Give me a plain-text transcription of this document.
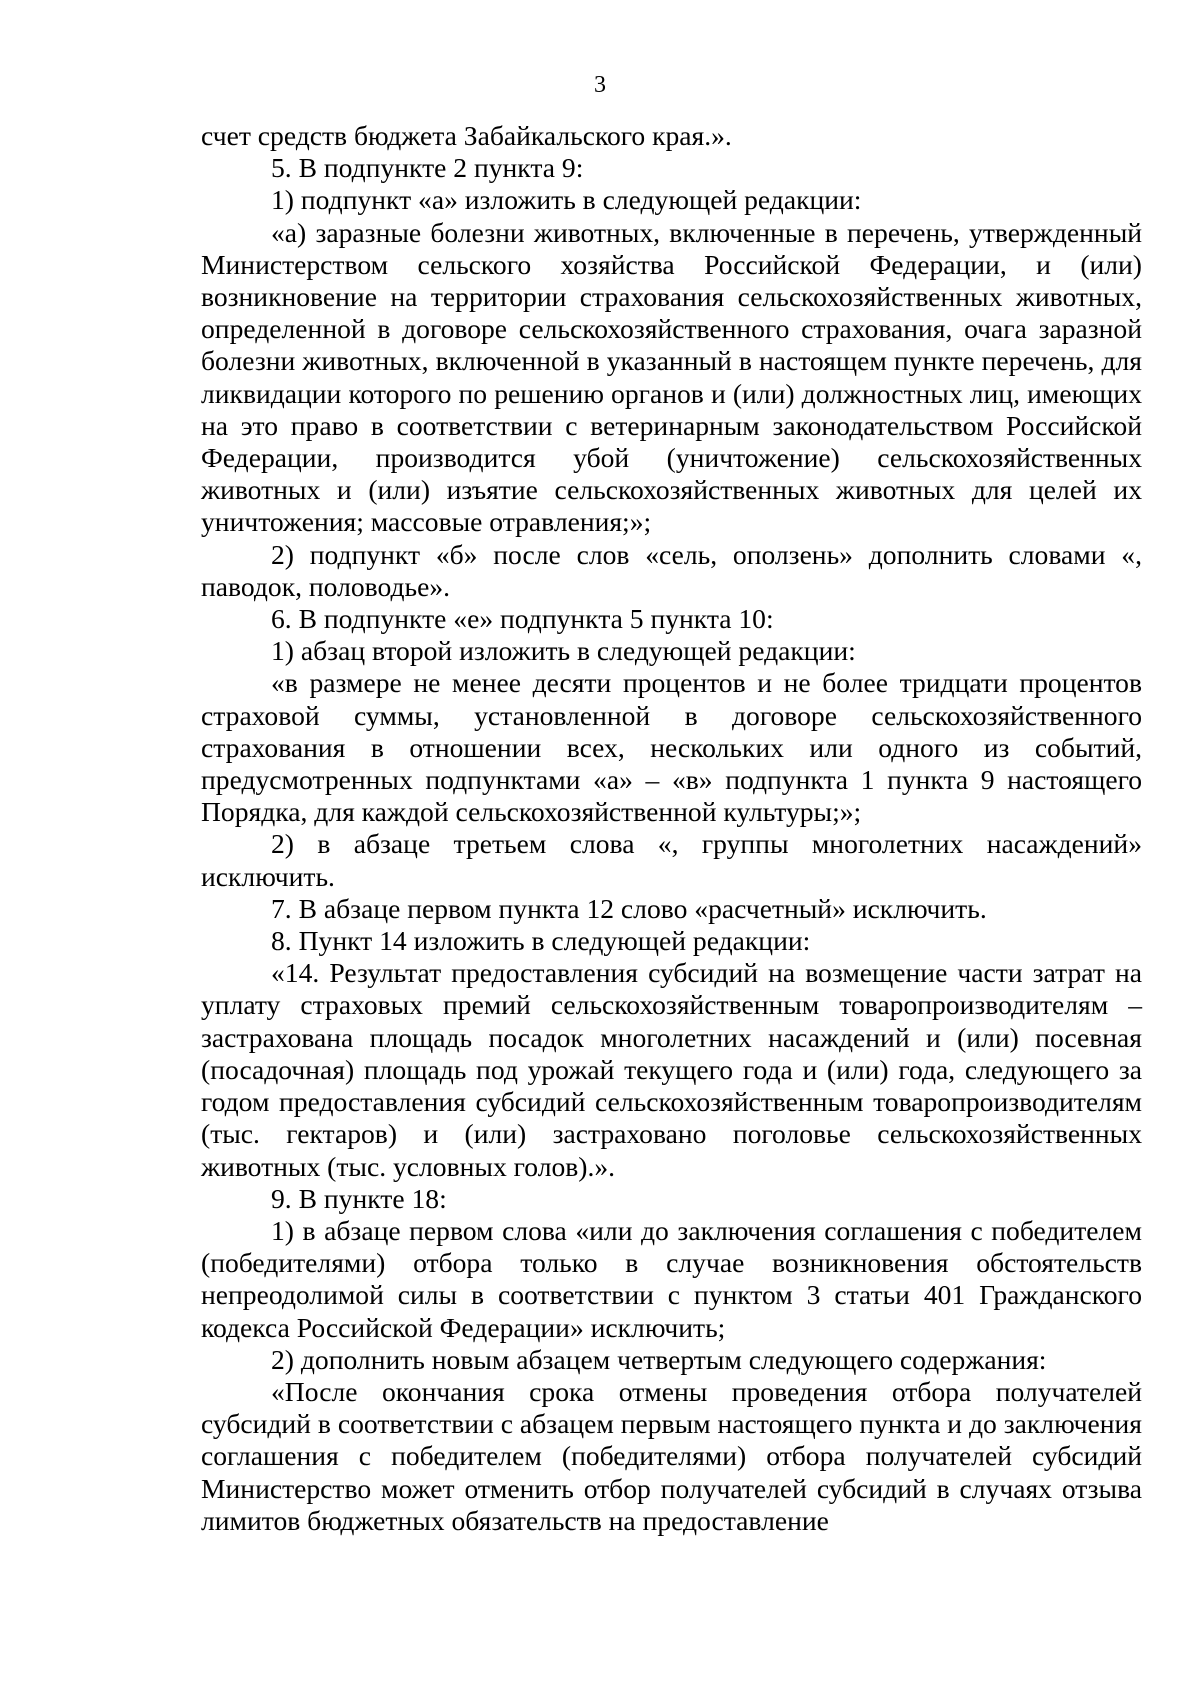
3

счет средств бюджета Забайкальского края.».

5. В подпункте 2 пункта 9:

1) подпункт «а» изложить в следующей редакции:

«а) заразные болезни животных, включенные в перечень, утвержденный Министерством сельского хозяйства Российской Федерации, и (или) возникновение на территории страхования сельскохозяйственных животных, определенной в договоре сельскохозяйственного страхования, очага заразной болезни животных, включенной в указанный в настоящем пункте перечень, для ликвидации которого по решению органов и (или) должностных лиц, имеющих на это право в соответствии с ветеринарным законодательством Российской Федерации, производится убой (уничтожение) сельскохозяйственных животных и (или) изъятие сельскохозяйственных животных для целей их уничтожения; массовые отравления;»;

2) подпункт «б» после слов «сель, оползень» дополнить словами «, паводок, половодье».

6. В подпункте «е» подпункта 5 пункта 10:

1) абзац второй изложить в следующей редакции:

«в размере не менее десяти процентов и не более тридцати процентов страховой суммы, установленной в договоре сельскохозяйственного страхования в отношении всех, нескольких или одного из событий, предусмотренных подпунктами «а» – «в» подпункта 1 пункта 9 настоящего Порядка, для каждой сельскохозяйственной культуры;»;

2) в абзаце третьем слова «, группы многолетних насаждений» исключить.

7. В абзаце первом пункта 12 слово «расчетный» исключить.

8. Пункт 14 изложить в следующей редакции:

«14. Результат предоставления субсидий на возмещение части затрат на уплату страховых премий сельскохозяйственным товаропроизводителям – застрахована площадь посадок многолетних насаждений и (или) посевная (посадочная) площадь под урожай текущего года и (или) года, следующего за годом предоставления субсидий сельскохозяйственным товаропроизводителям (тыс. гектаров) и (или) застраховано поголовье сельскохозяйственных животных (тыс. условных голов).».

9. В пункте 18:

1) в абзаце первом слова «или до заключения соглашения с победителем (победителями) отбора только в случае возникновения обстоятельств непреодолимой силы в соответствии с пунктом 3 статьи 401 Гражданского кодекса Российской Федерации» исключить;

2) дополнить новым абзацем четвертым следующего содержания:

«После окончания срока отмены проведения отбора получателей субсидий в соответствии с абзацем первым настоящего пункта и до заключения соглашения с победителем (победителями) отбора получателей субсидий Министерство может отменить отбор получателей субсидий в случаях отзыва лимитов бюджетных обязательств на предоставление
